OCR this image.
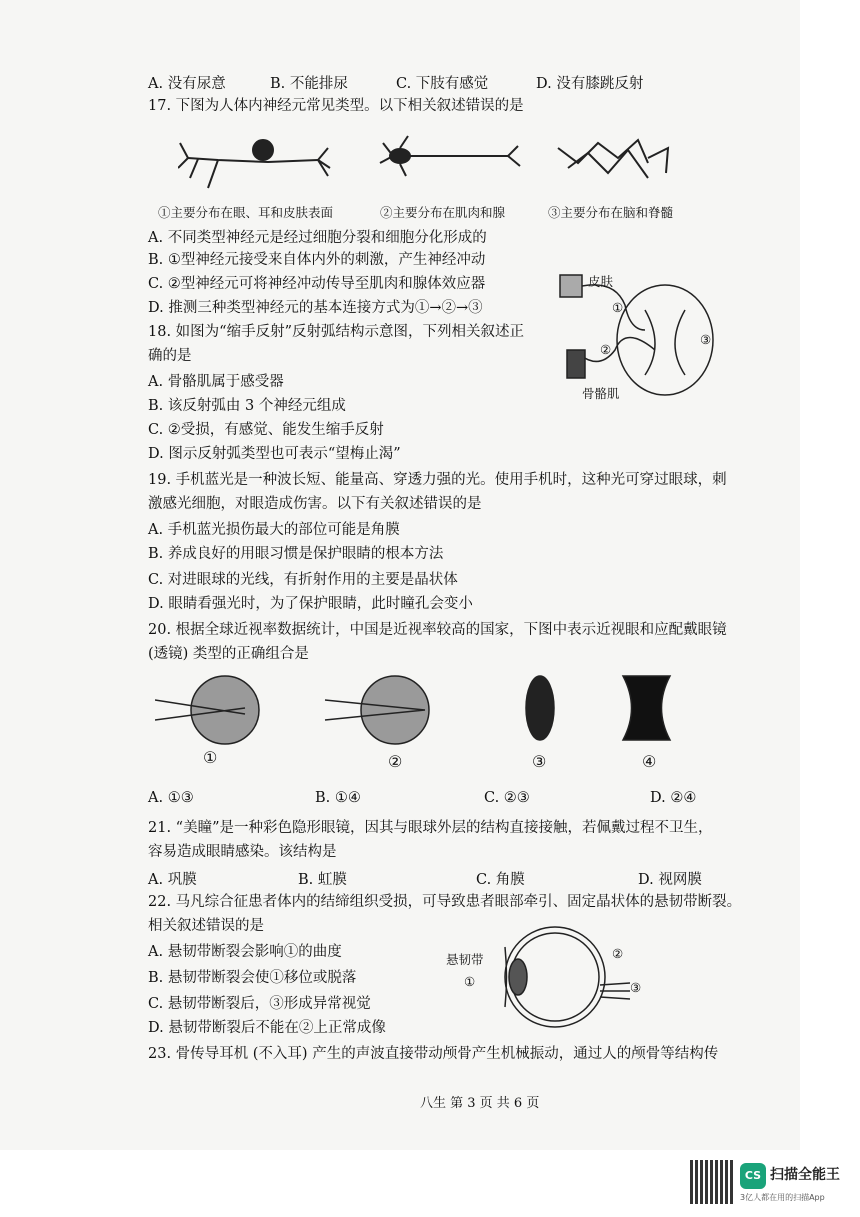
A. 没有尿意	B. 不能排尿	C. 下肢有感觉	D. 没有膝跳反射
17. 下图为人体内神经元常见类型。以下相关叙述错误的是
①主要分布在眼、耳和皮肤表面	②主要分布在肌肉和腺	③主要分布在脑和脊髓
A. 不同类型神经元是经过细胞分裂和细胞分化形成的
B. ①型神经元接受来自体内外的刺激，产生神经冲动
C. ②型神经元可将神经冲动传导至肌肉和腺体效应器
D. 推测三种类型神经元的基本连接方式为①→②→③
18. 如图为“缩手反射”反射弧结构示意图，下列相关叙述正
确的是
A. 骨骼肌属于感受器
B. 该反射弧由 3 个神经元组成
C. ②受损，有感觉、能发生缩手反射
D. 图示反射弧类型也可表示“望梅止渴”
皮肤
骨骼肌
①
②
③
19. 手机蓝光是一种波长短、能量高、穿透力强的光。使用手机时，这种光可穿过眼球，刺
激感光细胞，对眼造成伤害。以下有关叙述错误的是
A. 手机蓝光损伤最大的部位可能是角膜
B. 养成良好的用眼习惯是保护眼睛的根本方法
C. 对进眼球的光线，有折射作用的主要是晶状体
D. 眼睛看强光时，为了保护眼睛，此时瞳孔会变小
20. 根据全球近视率数据统计，中国是近视率较高的国家，下图中表示近视眼和应配戴眼镜
(透镜) 类型的正确组合是
①	②	③	④
A. ①③	B. ①④	C. ②③	D. ②④
21. “美瞳”是一种彩色隐形眼镜，因其与眼球外层的结构直接接触，若佩戴过程不卫生，
容易造成眼睛感染。该结构是
A. 巩膜	B. 虹膜	C. 角膜	D. 视网膜
22. 马凡综合征患者体内的结缔组织受损，可导致患者眼部牵引、固定晶状体的悬韧带断裂。
相关叙述错误的是
A. 悬韧带断裂会影响①的曲度
B. 悬韧带断裂会使①移位或脱落
C. 悬韧带断裂后，③形成异常视觉
D. 悬韧带断裂后不能在②上正常成像
悬韧带
①
②
③
23. 骨传导耳机 (不入耳) 产生的声波直接带动颅骨产生机械振动，通过人的颅骨等结构传
八生 第 3 页 共 6 页
CS 扫描全能王
3亿人都在用的扫描App
